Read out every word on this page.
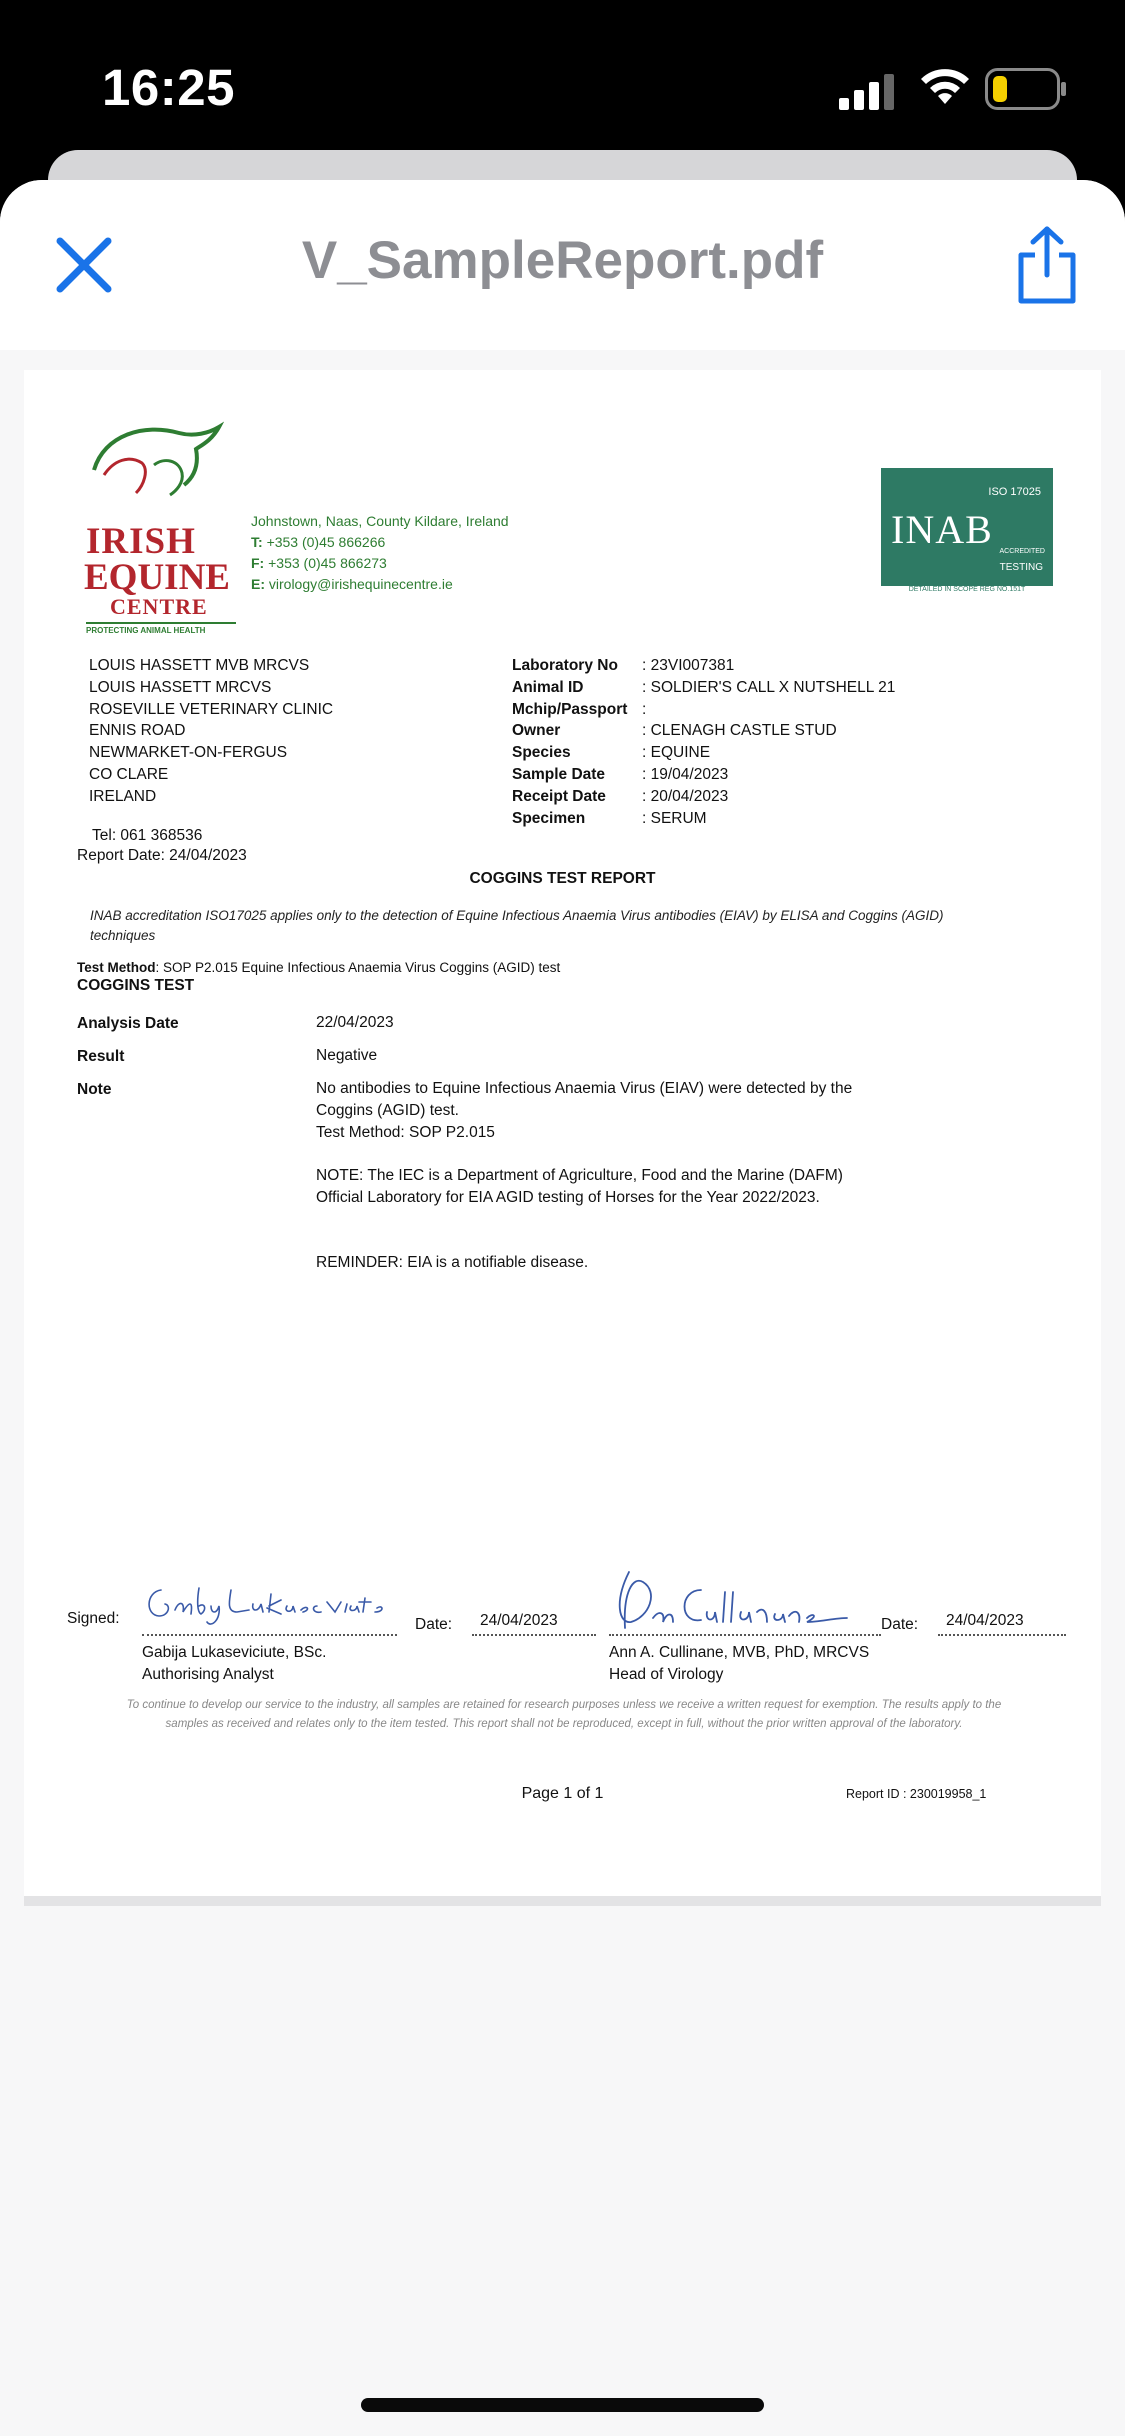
16:25
V_SampleReport.pdf
IRISH
EQUINE
CENTRE
PROTECTING ANIMAL HEALTH
Johnstown, Naas, County Kildare, Ireland
T: +353 (0)45 866266
F: +353 (0)45 866273
E: virology@irishequinecentre.ie
ISO 17025
INAB ACCREDITED
TESTING
DETAILED IN SCOPE REG NO.151T
LOUIS HASSETT MVB MRCVS
LOUIS HASSETT MRCVS
ROSEVILLE VETERINARY CLINIC
ENNIS ROAD
NEWMARKET-ON-FERGUS
CO CLARE
IRELAND
Tel: 061 368536
Report Date: 24/04/2023
Laboratory No	: 23VI007381
Animal ID	: SOLDIER'S CALL X NUTSHELL 21
Mchip/Passport :
Owner	: CLENAGH CASTLE STUD
Species	: EQUINE
Sample Date	: 19/04/2023
Receipt Date	: 20/04/2023
Specimen	: SERUM
COGGINS TEST REPORT
INAB accreditation ISO17025 applies only to the detection of Equine Infectious Anaemia Virus antibodies (EIAV) by ELISA and Coggins (AGID) techniques
Test Method: SOP P2.015 Equine Infectious Anaemia Virus Coggins (AGID) test
COGGINS TEST
Analysis Date	22/04/2023
Result	Negative
Note	No antibodies to Equine Infectious Anaemia Virus (EIAV) were detected by the Coggins (AGID) test.
Test Method: SOP P2.015
NOTE: The IEC is a Department of Agriculture, Food and the Marine (DAFM) Official Laboratory for EIA AGID testing of Horses for the Year 2022/2023.
REMINDER: EIA is a notifiable disease.
Signed:	Date: 24/04/2023	Date: 24/04/2023
Gabija Lukaseviciute, BSc.
Authorising Analyst
Ann A. Cullinane, MVB, PhD, MRCVS
Head of Virology
To continue to develop our service to the industry, all samples are retained for research purposes unless we receive a written request for exemption. The results apply to the samples as received and relates only to the item tested. This report shall not be reproduced, except in full, without the prior written approval of the laboratory.
Page 1 of 1	Report ID : 230019958_1
